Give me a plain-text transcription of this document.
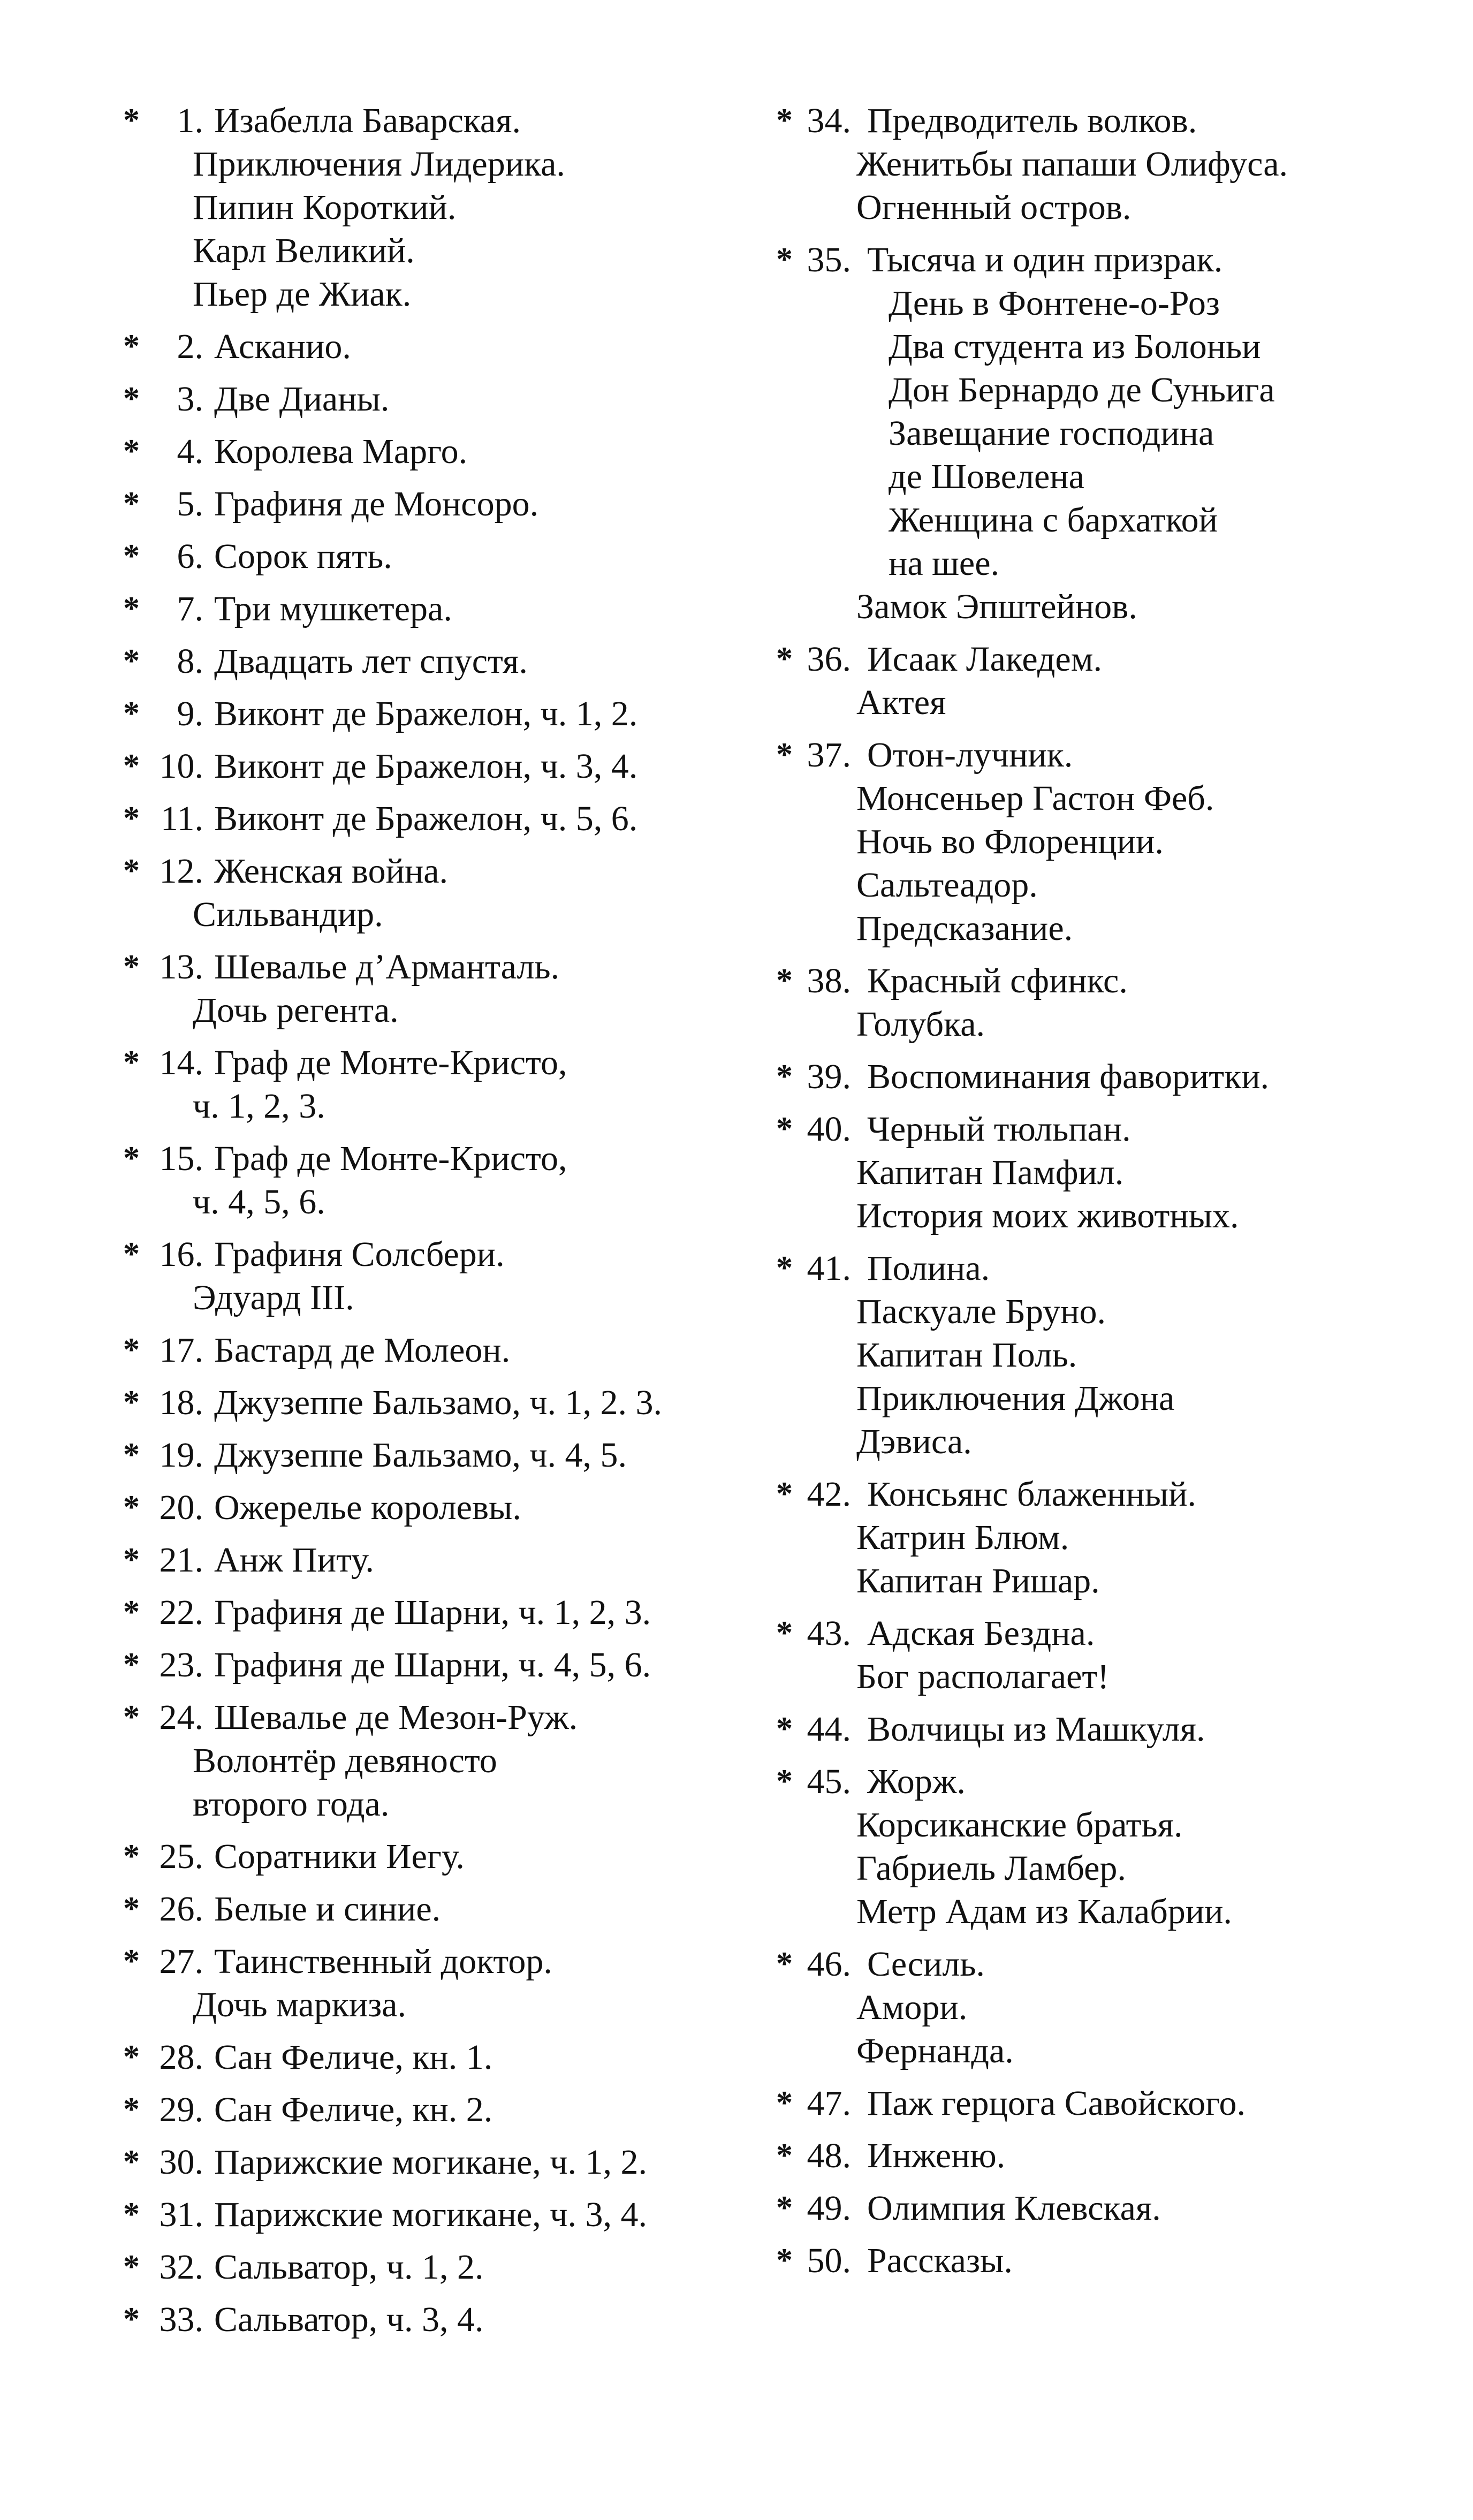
*	1. Изабелла Баварская.
Приключения Лидерика.
Пипин Короткий.
Карл Великий.
Пьер де Жиак.
*	2. Асканио.
*	3. Две Дианы.
*	4. Королева Марго.
*	5. Графиня де Монсоро.
*	6. Сорок пять.
*	7. Три мушкетера.
*	8. Двадцать лет спустя.
*	9. Виконт де Бражелон, ч. 1, 2.
* 10. Виконт де Бражелон, ч. 3, 4.
* 11. Виконт де Бражелон, ч. 5, 6.
* 12. Женская война.
Сильвандир.
* 13. Шевалье д’Арманталь.
Дочь регента.
* 14. Граф де Монте-Кристо,
ч. 1, 2, 3.
* 15. Граф де Монте-Кристо,
ч. 4, 5, 6.
* 16. Графиня Солсбери.
Эдуард III.
* 17. Бастард де Молеон.
* 18. Джузеппе Бальзамо, ч. 1, 2. 3.
* 19. Джузеппе Бальзамо, ч. 4, 5.
* 20. Ожерелье королевы.
* 21. Анж Питу.
* 22. Графиня де Шарни, ч. 1, 2, 3.
* 23. Графиня де Шарни, ч. 4, 5, 6.
* 24. Шевалье де Мезон-Руж.
Волонтёр девяносто
второго года.
* 25. Соратники Иегу.
* 26. Белые и синие.
* 27. Таинственный доктор.
Дочь маркиза.
* 28. Сан Феличе, кн. 1.
* 29. Сан Феличе, кн. 2.
* 30. Парижские могикане, ч. 1, 2.
* 31. Парижские могикане, ч. 3, 4.
* 32. Сальватор, ч. 1, 2.
* 33. Сальватор, ч. 3, 4.
* 34. Предводитель волков.
Женитьбы папаши Олифуса.
Огненный остров.
* 35. Тысяча и один призрак.
День в Фонтене-о-Роз
Два студента из Болоньи
Дон Бернардо де Суньига
Завещание господина
де Шовелена
Женщина с бархаткой
на шее.
Замок Эпштейнов.
* 36. Исаак Лакедем.
Актея
* 37. Отон-лучник.
Монсеньер Гастон Феб.
Ночь во Флоренции.
Сальтеадор.
Предсказание.
* 38. Красный сфинкс.
Голубка.
* 39. Воспоминания фаворитки.
* 40. Черный тюльпан.
Капитан Памфил.
История моих животных.
* 41. Полина.
Паскуале Бруно.
Капитан Поль.
Приключения Джона
Дэвиса.
* 42. Консьянс блаженный.
Катрин Блюм.
Капитан Ришар.
* 43. Адская Бездна.
Бог располагает!
* 44. Волчицы из Машкуля.
* 45. Жорж.
Корсиканские братья.
Габриель Ламбер.
Метр Адам из Калабрии.
* 46. Сесиль.
Амори.
Фернанда.
* 47. Паж герцога Савойского.
* 48. Инженю.
* 49. Олимпия Клевская.
* 50. Рассказы.
